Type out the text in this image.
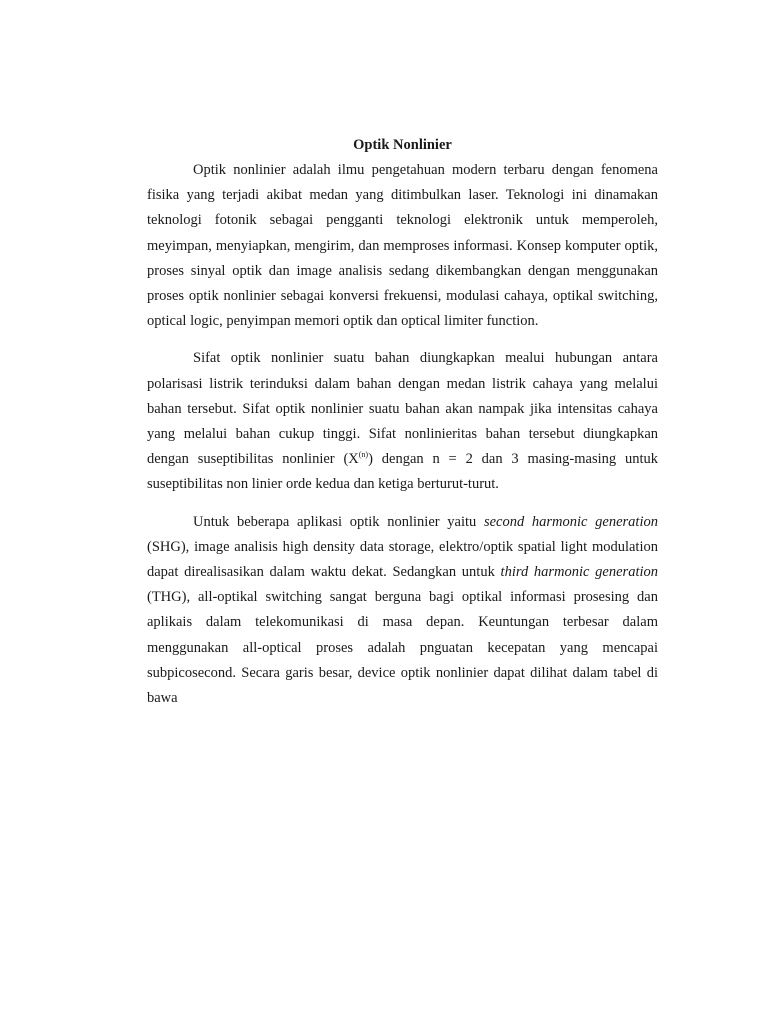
Optik Nonlinier

Optik nonlinier adalah ilmu pengetahuan modern terbaru dengan fenomena fisika yang terjadi akibat medan yang ditimbulkan laser. Teknologi ini dinamakan teknologi fotonik sebagai pengganti teknologi elektronik untuk memperoleh, meyimpan, menyiapkan, mengirim, dan memproses informasi. Konsep komputer optik, proses sinyal optik dan image analisis sedang dikembangkan dengan menggunakan proses optik nonlinier sebagai konversi frekuensi, modulasi cahaya, optikal switching, optical logic, penyimpan memori optik dan optical limiter function.

Sifat optik nonlinier suatu bahan diungkapkan mealui hubungan antara polarisasi listrik terinduksi dalam bahan dengan medan listrik cahaya yang melalui bahan tersebut. Sifat optik nonlinier suatu bahan akan nampak jika intensitas cahaya yang melalui bahan cukup tinggi. Sifat nonlinieritas bahan tersebut diungkapkan dengan suseptibilitas nonlinier $(X^{(n)})$ dengan n = 2 dan 3 masing-masing untuk suseptibilitas non linier orde kedua dan ketiga berturut-turut.

Untuk beberapa aplikasi optik nonlinier yaitu second harmonic generation (SHG), image analisis high density data storage, elektro/optik spatial light modulation dapat direalisasikan dalam waktu dekat. Sedangkan untuk third harmonic generation (THG), all-optikal switching sangat berguna bagi optikal informasi prosesing dan aplikais dalam telekomunikasi di masa depan. Keuntungan terbesar dalam menggunakan all-optical proses adalah pnguatan kecepatan yang mencapai subpicosecond. Secara garis besar, device optik nonlinier dapat dilihat dalam tabel di bawa
